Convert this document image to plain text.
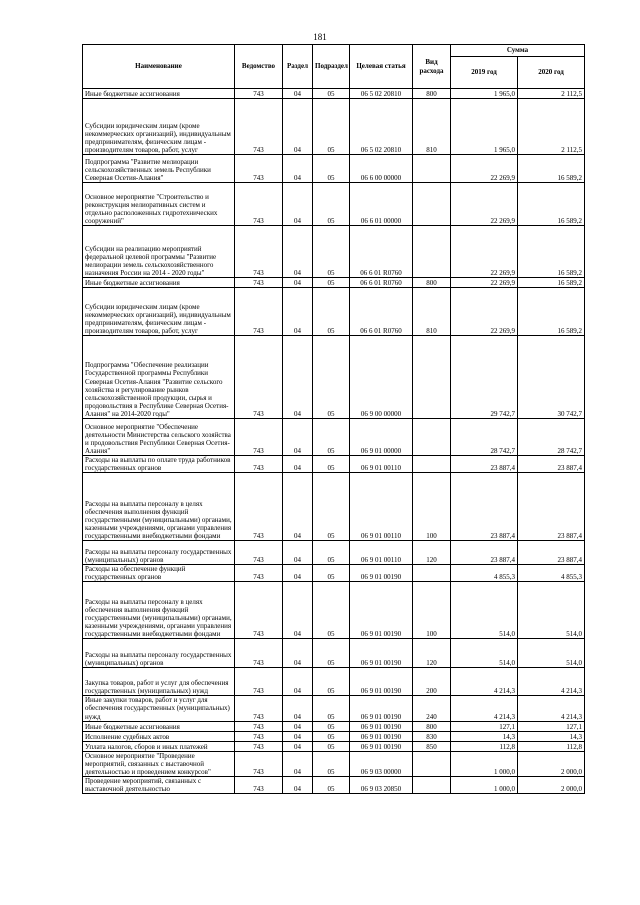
181
Наименование	Ведомство	Раздел	Подраздел	Целевая статья	Вид расхода	Сумма	
						2019 год	2020 год
Иные бюджетные ассигнования	743	04	05	06 5 02 20810	800	1 965,0	2 112,5
Субсидии юридическим лицам (кроме некоммерческих организаций), индивидуальным предпринимателям, физическим лицам - производителям товаров, работ, услуг	743	04	05	06 5 02 20810	810	1 965,0	2 112,5
Подпрограмма "Развитие мелиорации сельскохозяйственных земель Республики Северная Осетия-Алания"	743	04	05	06 6 00 00000		22 269,9	16 589,2
Основное мероприятие "Строительство и реконструкция мелиоративных систем и отдельно расположенных гидротехнических сооружений"	743	04	05	06 6 01 00000		22 269,9	16 589,2
Субсидии на реализацию мероприятий федеральной целевой программы "Развитие мелиорации земель сельскохозяйственного назначения России на 2014 - 2020 годы"	743	04	05	06 6 01 R0760		22 269,9	16 589,2
Иные бюджетные ассигнования	743	04	05	06 6 01 R0760	800	22 269,9	16 589,2
Субсидии юридическим лицам (кроме некоммерческих организаций), индивидуальным предпринимателям, физическим лицам - производителям товаров, работ, услуг	743	04	05	06 6 01 R0760	810	22 269,9	16 589,2
Подпрограмма "Обеспечение реализации Государственной программы Республики Северная Осетия-Алания "Развитие сельского хозяйства и регулирование рынков сельскохозяйственной продукции, сырья и продовольствия в Республике Северная Осетия-Алания" на 2014-2020 годы"	743	04	05	06 9 00 00000		29 742,7	30 742,7
Основное мероприятие "Обеспечение деятельности Министерства сельского хозяйства и продовольствия Республики Северная Осетия-Алания"	743	04	05	06 9 01 00000		28 742,7	28 742,7
Расходы на выплаты по оплате труда работников государственных органов	743	04	05	06 9 01 00110		23 887,4	23 887,4
Расходы на выплаты персоналу в целях обеспечения выполнения функций государственными (муниципальными) органами, казенными учреждениями, органами управления государственными внебюджетными фондами	743	04	05	06 9 01 00110	100	23 887,4	23 887,4
Расходы на выплаты персоналу государственных (муниципальных) органов	743	04	05	06 9 01 00110	120	23 887,4	23 887,4
Расходы на обеспечение функций государственных органов	743	04	05	06 9 01 00190		4 855,3	4 855,3
Расходы на выплаты персоналу в целях обеспечения выполнения функций государственными (муниципальными) органами, казенными учреждениями, органами управления государственными внебюджетными фондами	743	04	05	06 9 01 00190	100	514,0	514,0
Расходы на выплаты персоналу государственных (муниципальных) органов	743	04	05	06 9 01 00190	120	514,0	514,0
Закупка товаров, работ и услуг для обеспечения государственных (муниципальных) нужд	743	04	05	06 9 01 00190	200	4 214,3	4 214,3
Иные закупки товаров, работ и услуг для обеспечения государственных (муниципальных) нужд	743	04	05	06 9 01 00190	240	4 214,3	4 214,3
Иные бюджетные ассигнования	743	04	05	06 9 01 00190	800	127,1	127,1
Исполнение судебных актов	743	04	05	06 9 01 00190	830	14,3	14,3
Уплата налогов, сборов и иных платежей	743	04	05	06 9 01 00190	850	112,8	112,8
Основное мероприятие "Проведение мероприятий, связанных с выставочной деятельностью и проведением конкурсов"	743	04	05	06 9 03 00000		1 000,0	2 000,0
Проведение мероприятий, связанных с выставочной деятельностью	743	04	05	06 9 03 20850		1 000,0	2 000,0
